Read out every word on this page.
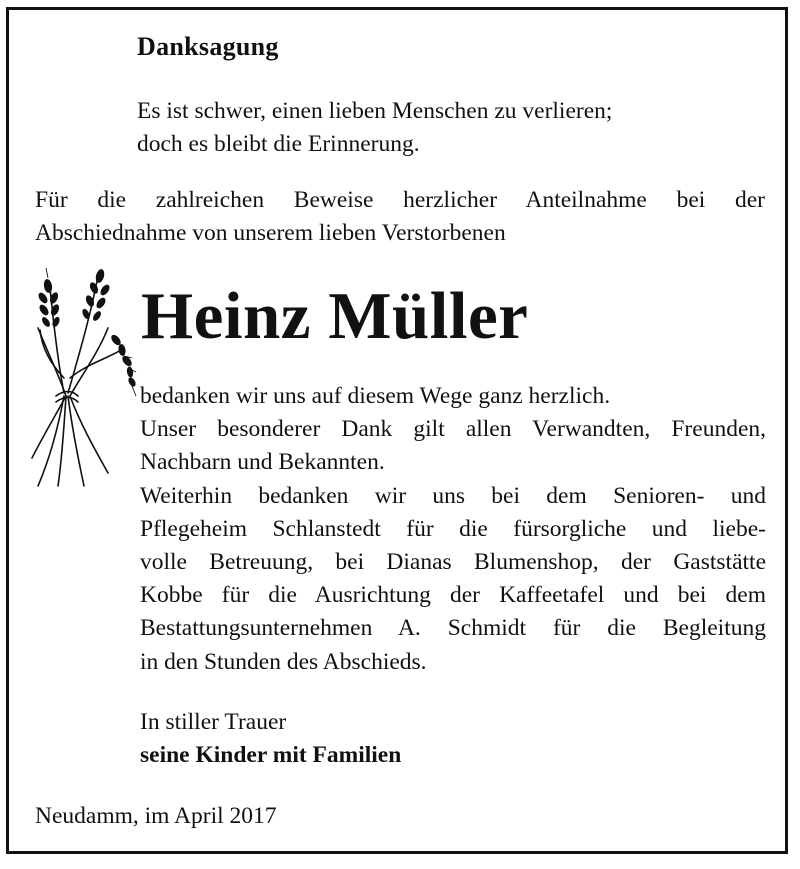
Danksagung
Es ist schwer, einen lieben Menschen zu verlieren;
doch es bleibt die Erinnerung.
Für die zahlreichen Beweise herzlicher Anteilnahme bei der
Abschiednahme von unserem lieben Verstorbenen
Heinz Müller
bedanken wir uns auf diesem Wege ganz herzlich.
Unser besonderer Dank gilt allen Verwandten, Freunden,
Nachbarn und Bekannten.
Weiterhin bedanken wir uns bei dem Senioren- und
Pflegeheim Schlanstedt für die fürsorgliche und liebe-
volle Betreuung, bei Dianas Blumenshop, der Gaststätte
Kobbe für die Ausrichtung der Kaffeetafel und bei dem
Bestattungsunternehmen A. Schmidt für die Begleitung
in den Stunden des Abschieds.
In stiller Trauer
seine Kinder mit Familien
Neudamm, im April 2017
